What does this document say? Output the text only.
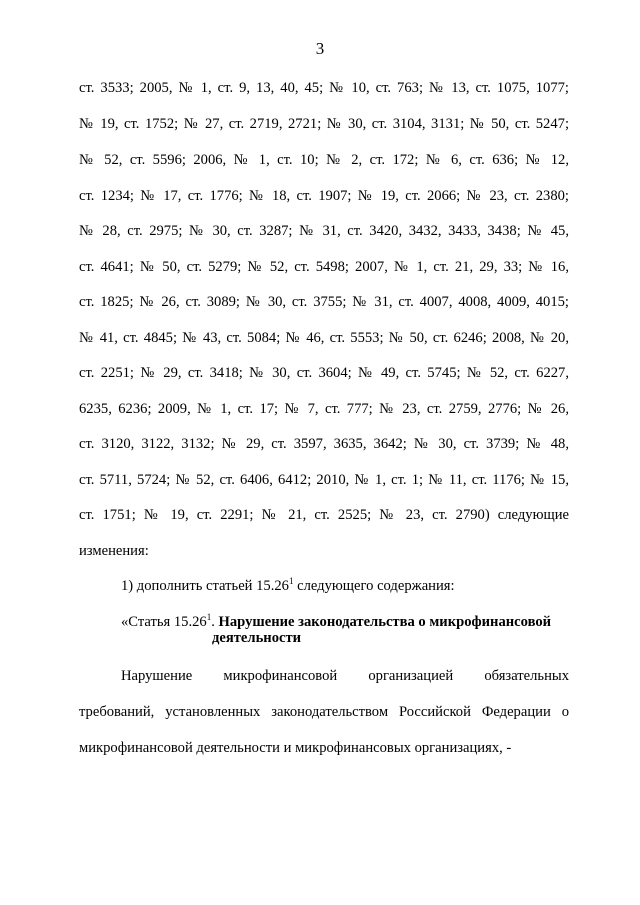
3
ст. 3533; 2005, № 1, ст. 9, 13, 40, 45; № 10, ст. 763; № 13, ст. 1075, 1077;
№ 19, ст. 1752; № 27, ст. 2719, 2721; № 30, ст. 3104, 3131; № 50, ст. 5247;
№ 52, ст. 5596; 2006, № 1, ст. 10; № 2, ст. 172; № 6, ст. 636; № 12,
ст. 1234; № 17, ст. 1776; № 18, ст. 1907; № 19, ст. 2066; № 23, ст. 2380;
№ 28, ст. 2975; № 30, ст. 3287; № 31, ст. 3420, 3432, 3433, 3438; № 45,
ст. 4641; № 50, ст. 5279; № 52, ст. 5498; 2007, № 1, ст. 21, 29, 33; № 16,
ст. 1825; № 26, ст. 3089; № 30, ст. 3755; № 31, ст. 4007, 4008, 4009, 4015;
№ 41, ст. 4845; № 43, ст. 5084; № 46, ст. 5553; № 50, ст. 6246; 2008, № 20,
ст. 2251; № 29, ст. 3418; № 30, ст. 3604; № 49, ст. 5745; № 52, ст. 6227,
6235, 6236; 2009, № 1, ст. 17; № 7, ст. 777; № 23, ст. 2759, 2776; № 26,
ст. 3120, 3122, 3132; № 29, ст. 3597, 3635, 3642; № 30, ст. 3739; № 48,
ст. 5711, 5724; № 52, ст. 6406, 6412; 2010, № 1, ст. 1; № 11, ст. 1176; № 15,
ст. 1751; № 19, ст. 2291; № 21, ст. 2525; № 23, ст. 2790) следующие
изменения:
1) дополнить статьей 15.26$^1$ следующего содержания:
«Статья 15.26$^1$. Нарушение законодательства о микрофинансовой
деятельности
Нарушение микрофинансовой организацией обязательных
требований, установленных законодательством Российской Федерации о
микрофинансовой деятельности и микрофинансовых организациях, -
